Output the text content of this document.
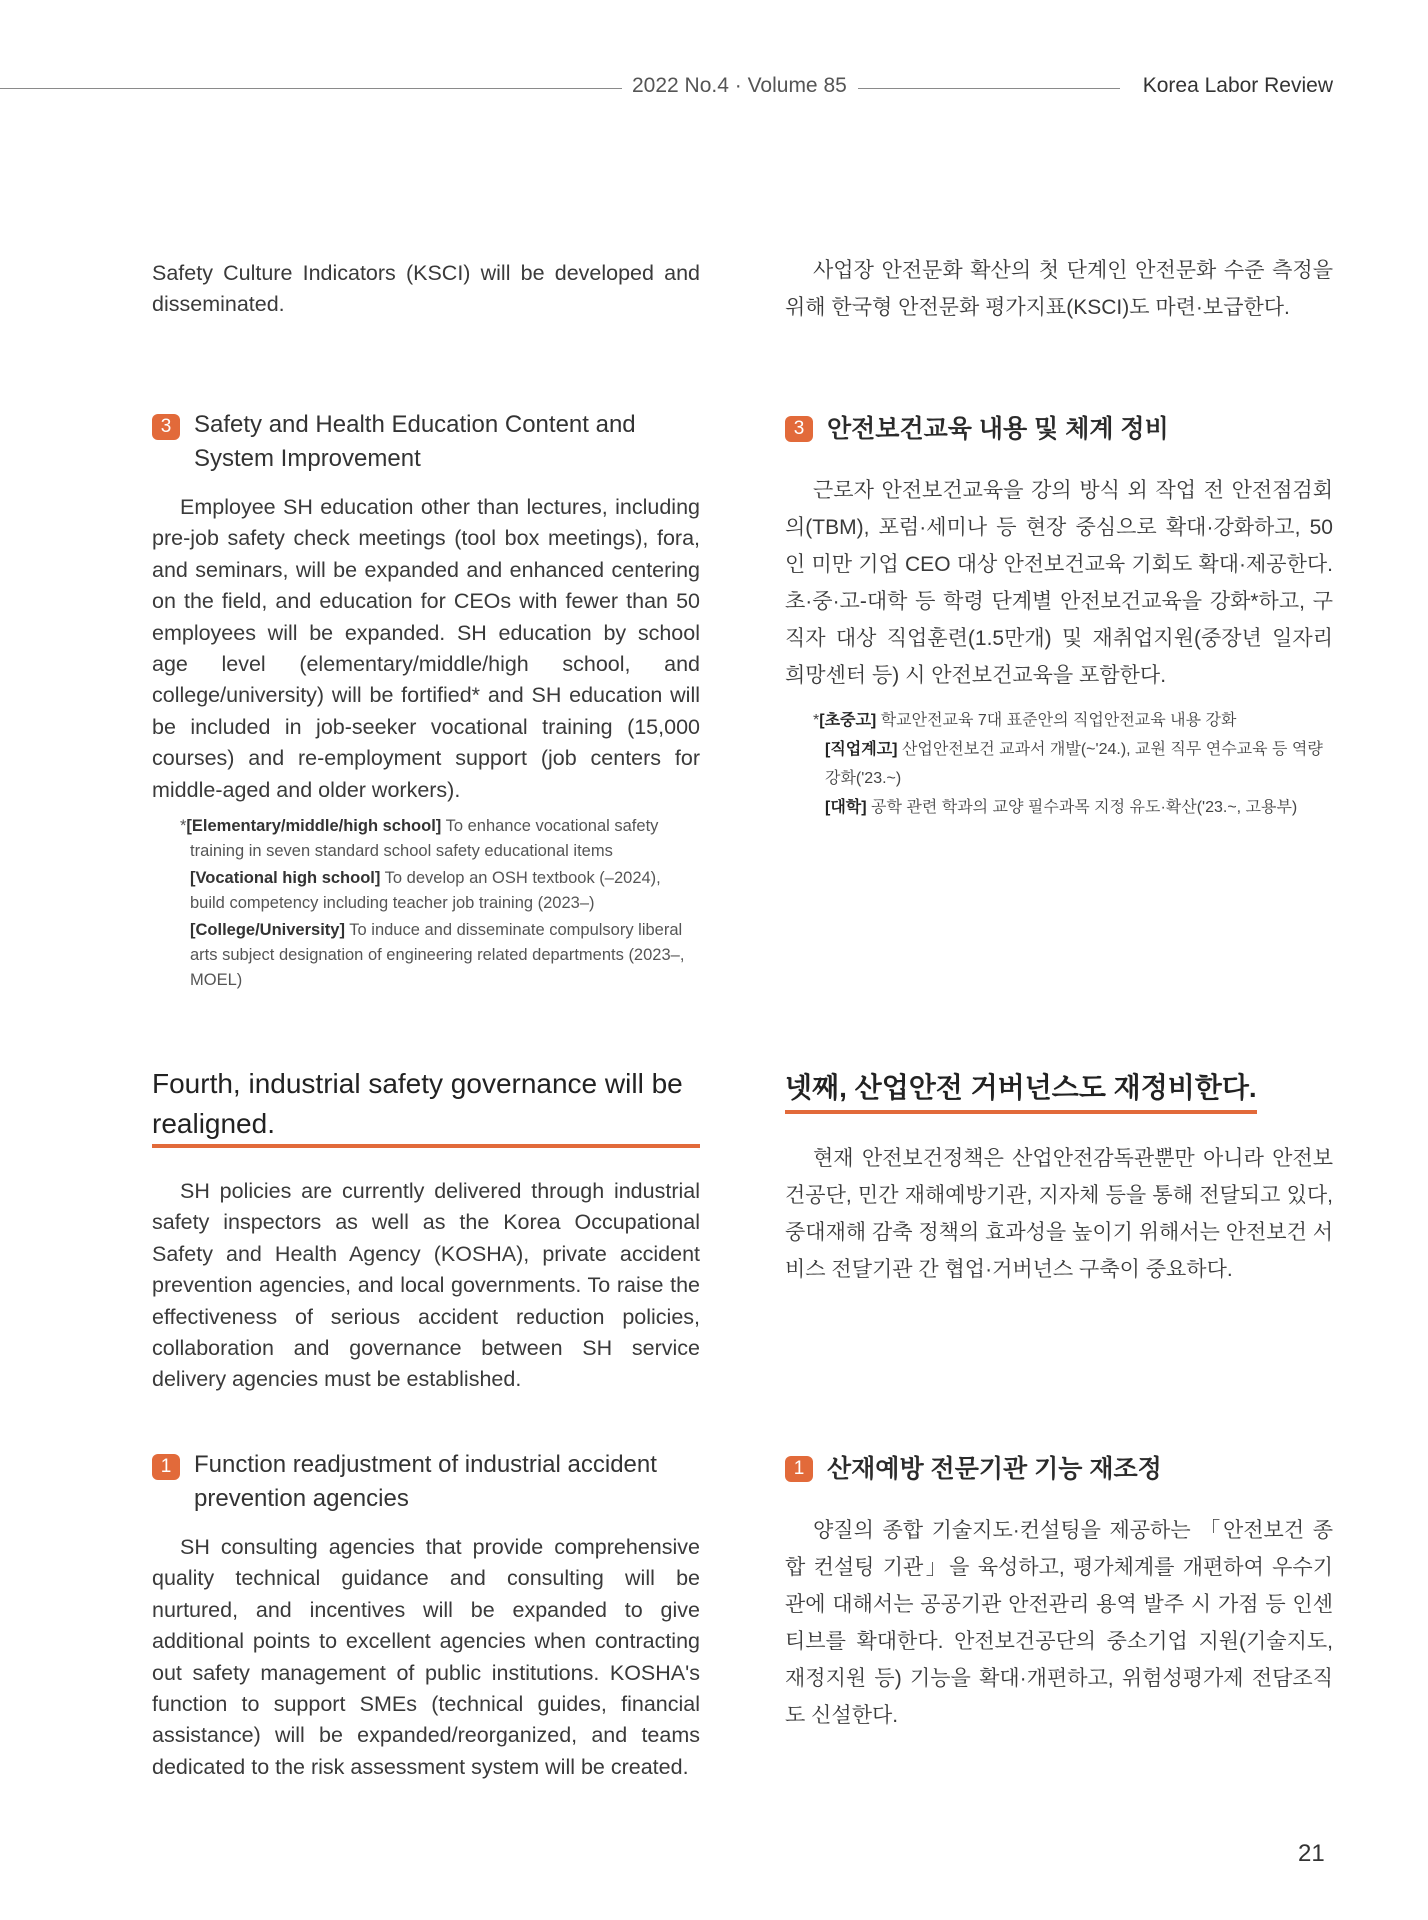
2022 No.4 · Volume 85	Korea Labor Review

Safety Culture Indicators (KSCI) will be developed and disseminated.

사업장 안전문화 확산의 첫 단계인 안전문화 수준 측정을 위해 한국형 안전문화 평가지표(KSCI)도 마련·보급한다.

3 Safety and Health Education Content and System Improvement

Employee SH education other than lectures, including pre-job safety check meetings (tool box meetings), fora, and seminars, will be expanded and enhanced centering on the field, and education for CEOs with fewer than 50 employees will be expanded. SH education by school age level (elementary/middle/high school, and college/university) will be fortified* and SH education will be included in job-seeker vocational training (15,000 courses) and re-employment support (job centers for middle-aged and older workers).

*[Elementary/middle/high school] To enhance vocational safety training in seven standard school safety educational items
[Vocational high school] To develop an OSH textbook (–2024), build competency including teacher job training (2023–)
[College/University] To induce and disseminate compulsory liberal arts subject designation of engineering related departments (2023–, MOEL)
3 안전보건교육 내용 및 체계 정비

근로자 안전보건교육을 강의 방식 외 작업 전 안전점검회의(TBM), 포럼·세미나 등 현장 중심으로 확대·강화하고, 50인 미만 기업 CEO 대상 안전보건교육 기회도 확대·제공한다. 초·중·고-대학 등 학령 단계별 안전보건교육을 강화*하고, 구직자 대상 직업훈련(1.5만개) 및 재취업지원(중장년 일자리 희망센터 등) 시 안전보건교육을 포함한다.

*[초중고] 학교안전교육 7대 표준안의 직업안전교육 내용 강화
[직업계고] 산업안전보건 교과서 개발(~'24.), 교원 직무 연수교육 등 역량 강화('23.~)
[대학] 공학 관련 학과의 교양 필수과목 지정 유도·확산('23.~, 고용부)
Fourth, industrial safety governance will be realigned.

SH policies are currently delivered through industrial safety inspectors as well as the Korea Occupational Safety and Health Agency (KOSHA), private accident prevention agencies, and local governments. To raise the effectiveness of serious accident reduction policies, collaboration and governance between SH service delivery agencies must be established.

넷째, 산업안전 거버넌스도 재정비한다.

현재 안전보건정책은 산업안전감독관뿐만 아니라 안전보건공단, 민간 재해예방기관, 지자체 등을 통해 전달되고 있다, 중대재해 감축 정책의 효과성을 높이기 위해서는 안전보건 서비스 전달기관 간 협업·거버넌스 구축이 중요하다.

1 Function readjustment of industrial accident prevention agencies

SH consulting agencies that provide comprehensive quality technical guidance and consulting will be nurtured, and incentives will be expanded to give additional points to excellent agencies when contracting out safety management of public institutions. KOSHA's function to support SMEs (technical guides, financial assistance) will be expanded/reorganized, and teams dedicated to the risk assessment system will be created.

1 산재예방 전문기관 기능 재조정

양질의 종합 기술지도·컨설팅을 제공하는 「안전보건 종합 컨설팅 기관」을 육성하고, 평가체계를 개편하여 우수기관에 대해서는 공공기관 안전관리 용역 발주 시 가점 등 인센티브를 확대한다. 안전보건공단의 중소기업 지원(기술지도, 재정지원 등) 기능을 확대·개편하고, 위험성평가제 전담조직도 신설한다.

21
